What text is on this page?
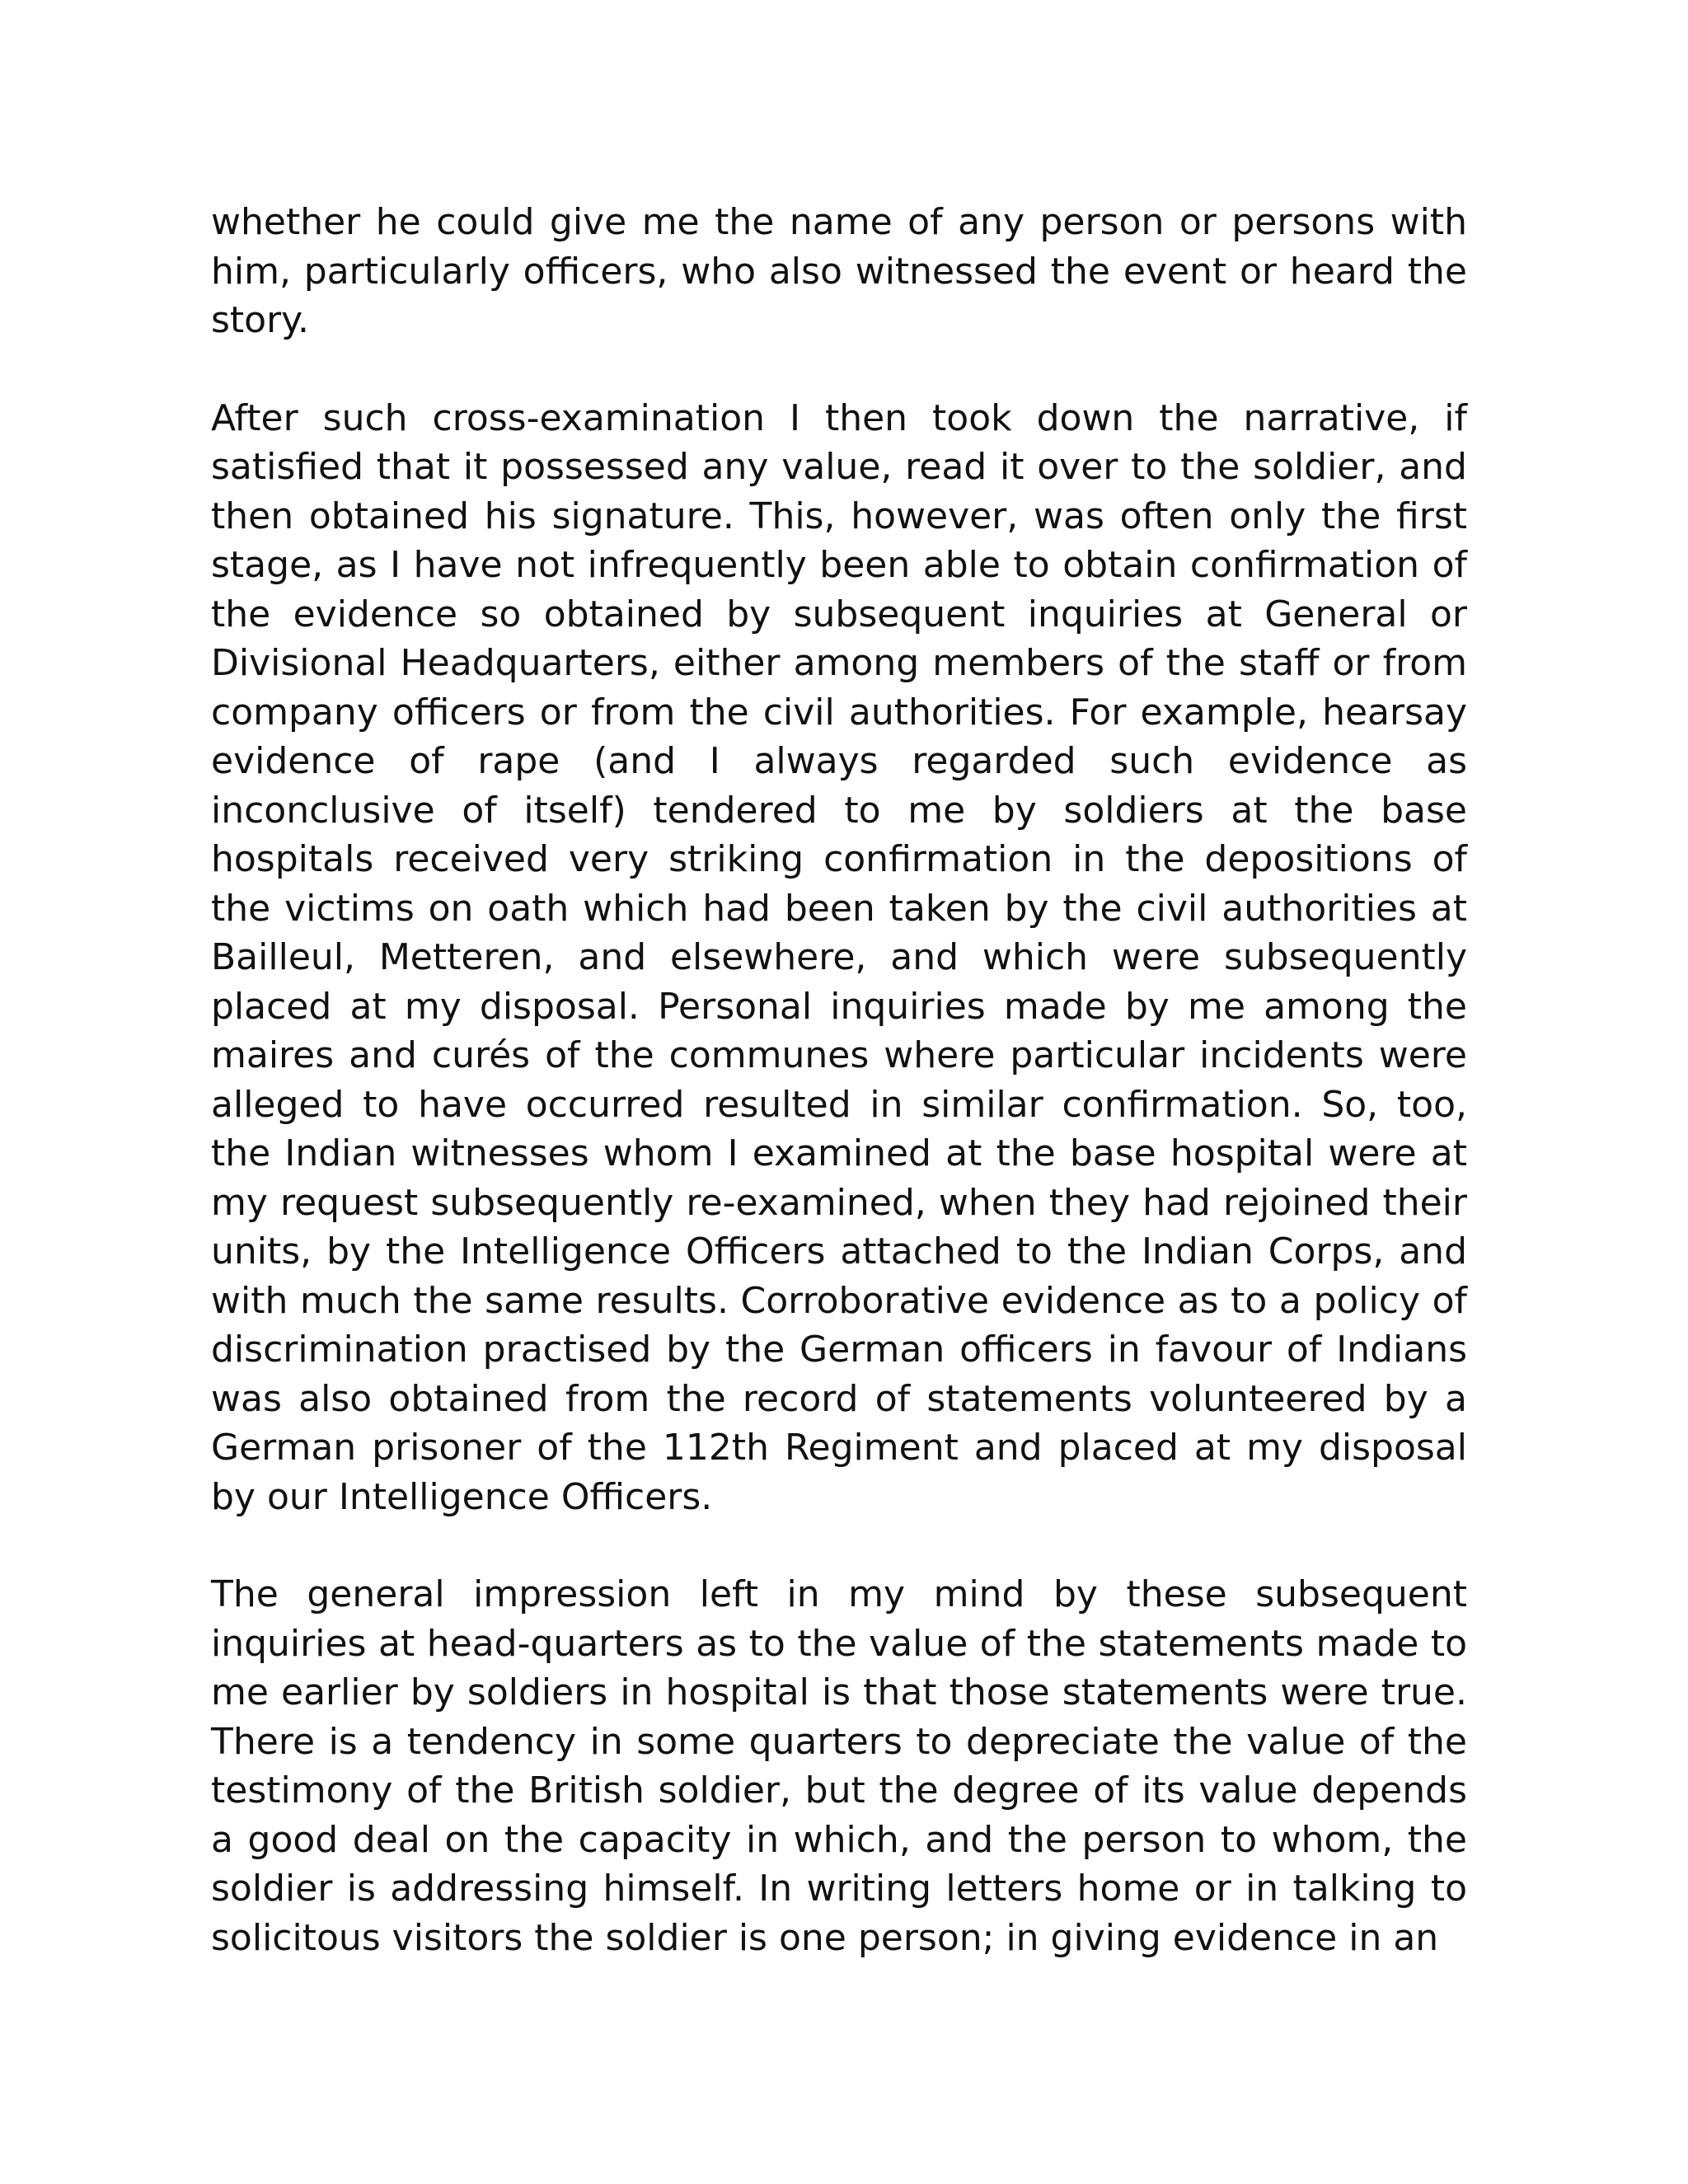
whether he could give me the name of any person or persons with him, particularly officers, who also witnessed the event or heard the story.

After such cross-examination I then took down the narrative, if satisfied that it possessed any value, read it over to the soldier, and then obtained his signature. This, however, was often only the first stage, as I have not infrequently been able to obtain confirmation of the evidence so obtained by subsequent inquiries at General or Divisional Headquarters, either among members of the staff or from company officers or from the civil authorities. For example, hearsay evidence of rape (and I always regarded such evidence as inconclusive of itself) tendered to me by soldiers at the base hospitals received very striking confirmation in the depositions of the victims on oath which had been taken by the civil authorities at Bailleul, Metteren, and elsewhere, and which were subsequently placed at my disposal. Personal inquiries made by me among the maires and curés of the communes where particular incidents were alleged to have occurred resulted in similar confirmation. So, too, the Indian witnesses whom I examined at the base hospital were at my request subsequently re-examined, when they had rejoined their units, by the Intelligence Officers attached to the Indian Corps, and with much the same results. Corroborative evidence as to a policy of discrimination practised by the German officers in favour of Indians was also obtained from the record of statements volunteered by a German prisoner of the 112th Regiment and placed at my disposal by our Intelligence Officers.

The general impression left in my mind by these subsequent inquiries at head-quarters as to the value of the statements made to me earlier by soldiers in hospital is that those statements were true. There is a tendency in some quarters to depreciate the value of the testimony of the British soldier, but the degree of its value depends a good deal on the capacity in which, and the person to whom, the soldier is addressing himself. In writing letters home or in talking to solicitous visitors the soldier is one person; in giving evidence in an
